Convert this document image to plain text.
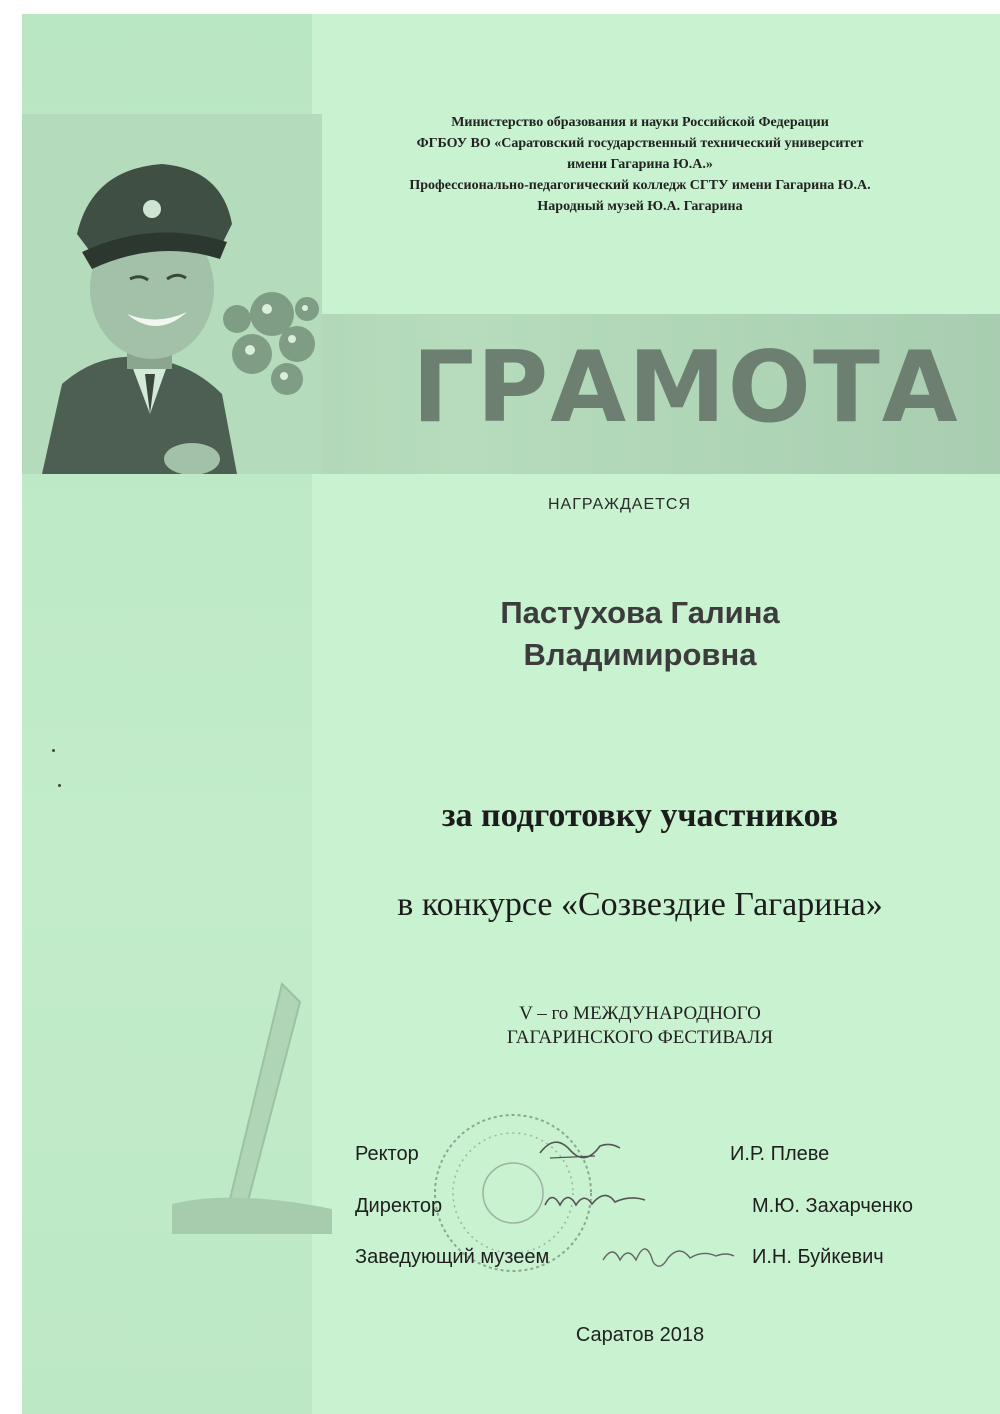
Министерство образования и науки Российской Федерации
ФГБОУ ВО «Саратовский государственный технический университет
имени Гагарина Ю.А.»
Профессионально-педагогический колледж СГТУ имени Гагарина Ю.А.
Народный музей Ю.А. Гагарина
ГРАМОТА
НАГРАЖДАЕТСЯ
Пастухова Галина
Владимировна
за подготовку участников
в конкурсе «Созвездие Гагарина»
V – го МЕЖДУНАРОДНОГО
ГАГАРИНСКОГО ФЕСТИВАЛЯ
Ректор	И.Р. Плеве
Директор	М.Ю. Захарченко
Заведующий музеем	И.Н. Буйкевич
Саратов 2018
